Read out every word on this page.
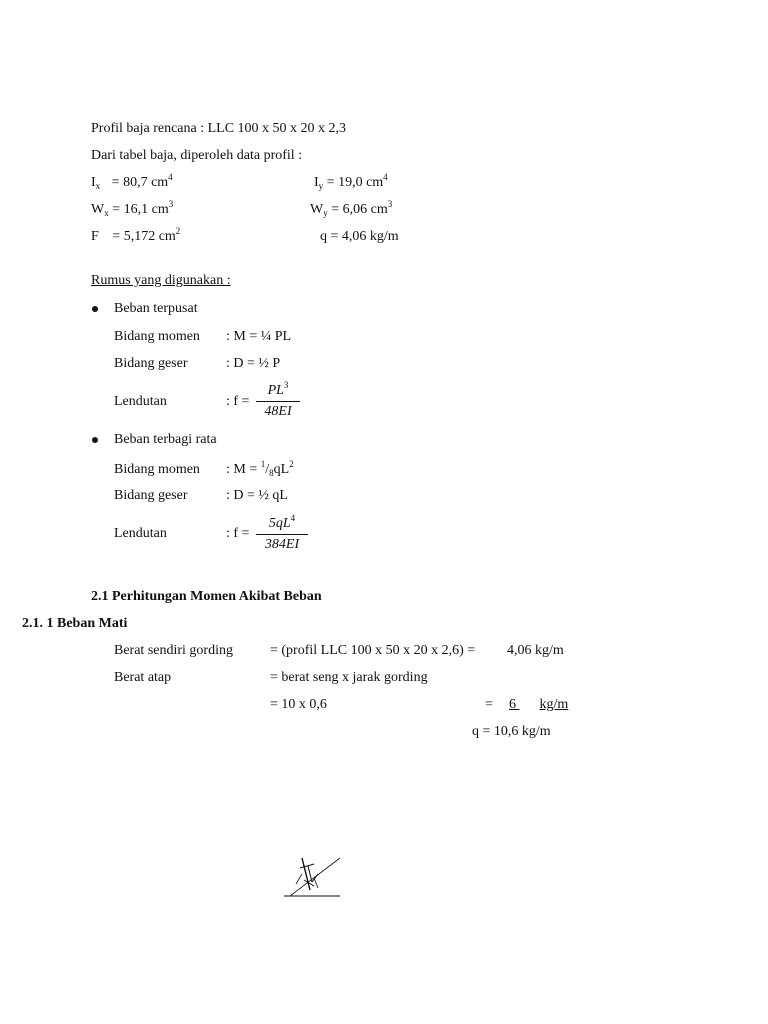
Profil baja rencana : LLC 100 x 50 x 20 x 2,3
Dari tabel baja, diperoleh data profil :
$I_x = 80,7$ $cm^4$	$I_y = 19,0$ $cm^4$
$W_x = 16,1$ $cm^3$	$W_y = 6,06$ $cm^3$
F = 5,172 $cm^2$	q = 4,06 kg/m
Rumus yang digunakan :
Beban terpusat
Bidang momen : M = ¼ PL
Bidang geser	: D = ½ P
Lendutan	: f =
$PL^3$
48EI
Beban terbagi rata
Bidang momen : $M = ^1/_8qL^2$
Bidang geser	: D = ½ qL
Lendutan	: f =
$5qL^4$
384EI
2.1 Perhitungan Momen Akibat Beban
2.1. 1 Beban Mati
Berat sendiri gording	= (profil LLC 100 x 50 x 20 x 2,6) = 4,06 kg/m
Berat atap	= berat seng x jarak gording
= 10 x 0,6	=	6 kg/m
q = 10,6 kg/m
